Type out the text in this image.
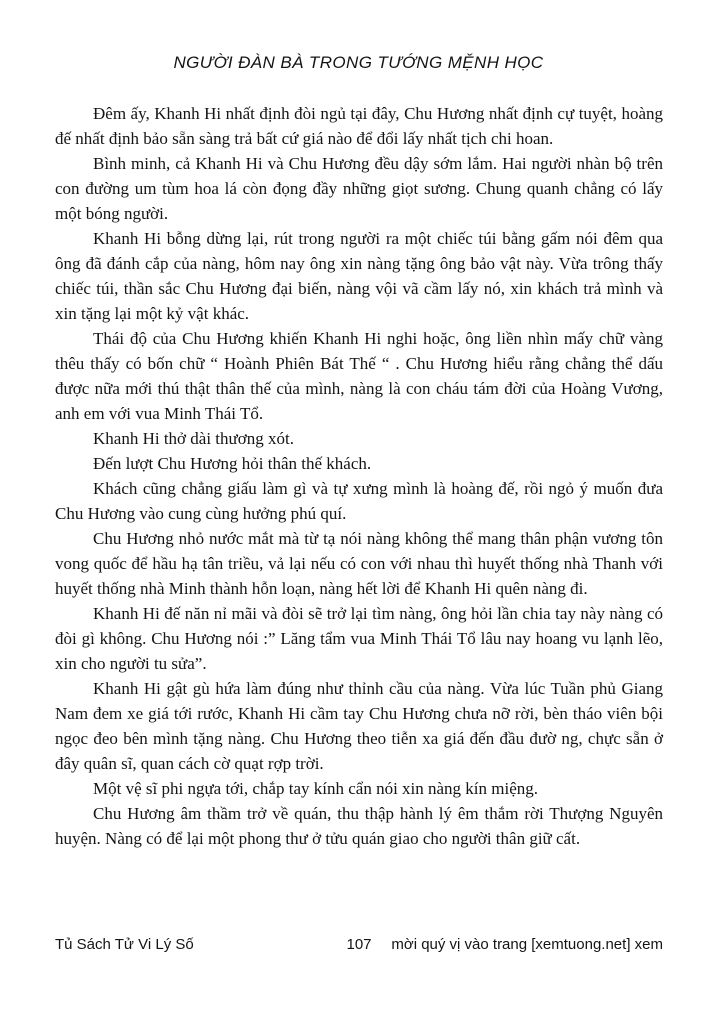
NGƯỜI ĐÀN BÀ TRONG TƯỚNG MỆNH HỌC

Đêm ấy, Khanh Hi nhất định đòi ngủ tại đây, Chu Hương nhất định cự tuyệt, hoàng đế nhất định bảo sẵn sàng trả bất cứ giá nào để đổi lấy nhất tịch chi hoan.

Bình minh, cả Khanh Hi và Chu Hương đều dậy sớm lắm. Hai người nhàn bộ trên con đường um tùm hoa lá còn đọng đầy những giọt sương. Chung quanh chẳng có lấy một bóng người.

Khanh Hi bỗng dừng lại, rút trong người ra một chiếc túi bằng gấm nói đêm qua ông đã đánh cắp của nàng, hôm nay ông xin nàng tặng ông bảo vật này. Vừa trông thấy chiếc túi, thần sắc Chu Hương đại biến, nàng vội vã cầm lấy nó, xin khách trả mình và xin tặng lại một kỷ vật khác.

Thái độ của Chu Hương khiến Khanh Hi nghi hoặc, ông liền nhìn mấy chữ vàng thêu thấy có bốn chữ “ Hoành Phiên Bát Thế “ . Chu Hương hiểu rằng chẳng thể dấu được nữa mới thú thật thân thế của mình, nàng là con cháu tám đời của Hoàng Vương, anh em với vua Minh Thái Tổ.

Khanh Hi thở dài thương xót.

Đến lượt Chu Hương hỏi thân thế khách.

Khách cũng chẳng giấu làm gì và tự xưng mình là hoàng đế, rồi ngỏ ý muốn đưa Chu Hương vào cung cùng hưởng phú quí.

Chu Hương nhỏ nước mắt mà từ tạ nói nàng không thể mang thân phận vương tôn vong quốc để hầu hạ tân triều, vả lại nếu có con với nhau thì huyết thống nhà Thanh với huyết thống nhà Minh thành hỗn loạn, nàng hết lời để Khanh Hi quên nàng đi.

Khanh Hi đế năn nỉ mãi và đòi sẽ trở lại tìm nàng, ông hỏi lần chia tay này nàng có đòi gì không. Chu Hương nói :” Lăng tẩm vua Minh Thái Tổ lâu nay hoang vu lạnh lẽo, xin cho người tu sửa”.

Khanh Hi gật gù hứa làm đúng như thỉnh cầu của nàng. Vừa lúc Tuần phủ Giang Nam đem xe giá tới rước, Khanh Hi cầm tay Chu Hương chưa nỡ rời, bèn tháo viên bội ngọc đeo bên mình tặng nàng. Chu Hương theo tiễn xa giá đến đầu đườ ng, chực sẵn ở đây quân sĩ, quan cách cờ quạt rợp trời.

Một vệ sĩ phi ngựa tới, chắp tay kính cẩn nói xin nàng kín miệng.

Chu Hương âm thầm trở về quán, thu thập hành lý êm thắm rời Thượng Nguyên huyện. Nàng có để lại một phong thư ở tửu quán giao cho người thân giữ cất.

Tủ Sách Tử Vi Lý Số	107	mời quý vị vào trang [xemtuong.net] xem
